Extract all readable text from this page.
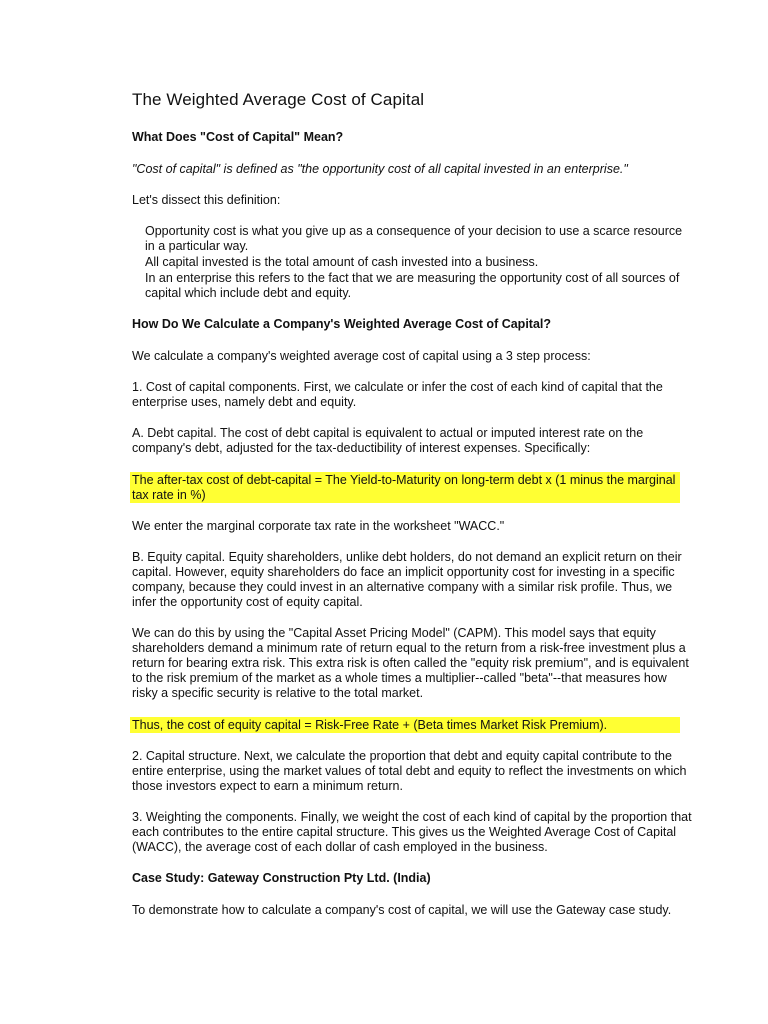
The Weighted Average Cost of Capital
What Does "Cost of Capital" Mean?

"Cost of capital" is defined as "the opportunity cost of all capital invested in an enterprise."

Let's dissect this definition:

Opportunity cost is what you give up as a consequence of your decision to use a scarce resource in a particular way.
All capital invested is the total amount of cash invested into a business.
In an enterprise this refers to the fact that we are measuring the opportunity cost of all sources of capital which include debt and equity.
How Do We Calculate a Company's Weighted Average Cost of Capital?

We calculate a company's weighted average cost of capital using a 3 step process:

1. Cost of capital components. First, we calculate or infer the cost of each kind of capital that the enterprise uses, namely debt and equity.

A. Debt capital. The cost of debt capital is equivalent to actual or imputed interest rate on the company's debt, adjusted for the tax-deductibility of interest expenses. Specifically:

The after-tax cost of debt-capital = The Yield-to-Maturity on long-term debt x (1 minus the marginal tax rate in %)

We enter the marginal corporate tax rate in the worksheet "WACC."

B. Equity capital. Equity shareholders, unlike debt holders, do not demand an explicit return on their capital. However, equity shareholders do face an implicit opportunity cost for investing in a specific company, because they could invest in an alternative company with a similar risk profile. Thus, we infer the opportunity cost of equity capital.

We can do this by using the "Capital Asset Pricing Model" (CAPM). This model says that equity shareholders demand a minimum rate of return equal to the return from a risk-free investment plus a return for bearing extra risk. This extra risk is often called the "equity risk premium", and is equivalent to the risk premium of the market as a whole times a multiplier--called "beta"--that measures how risky a specific security is relative to the total market.

Thus, the cost of equity capital = Risk-Free Rate + (Beta times Market Risk Premium).

2. Capital structure. Next, we calculate the proportion that debt and equity capital contribute to the entire enterprise, using the market values of total debt and equity to reflect the investments on which those investors expect to earn a minimum return.

3. Weighting the components. Finally, we weight the cost of each kind of capital by the proportion that each contributes to the entire capital structure. This gives us the Weighted Average Cost of Capital (WACC), the average cost of each dollar of cash employed in the business.

Case Study: Gateway Construction Pty Ltd. (India)

To demonstrate how to calculate a company's cost of capital, we will use the Gateway case study.
